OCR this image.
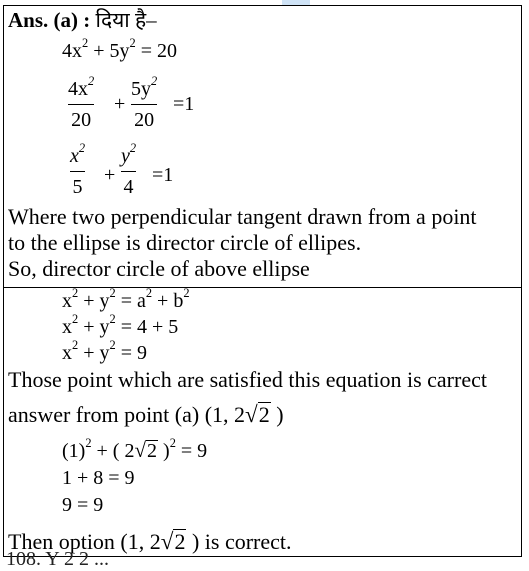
Ans. (a) : दिया है–
$4x^2 + 5y^2 = 20$
$4x^2$
20
+
$5y^2$
20
=1
$x^2$
5
+
$y^2$
4
=1
Where two perpendicular tangent drawn from a point
to the ellipse is director circle of ellipes.
So, director circle of above ellipse
$x^2 + y^2 = a^2 + b^2$
$x^2 + y^2 = 4 + 5$
$x^2 + y^2 = 9$
Those point which are satisfied this equation is carrect
answer from point (a) (1, 2√2 )
$(1)^2$ + ( 2√2 )$^2$ = 9
1 + 8 = 9
9 = 9
Then option (1, 2√2 ) is correct.
108. Y 2 2 ...
